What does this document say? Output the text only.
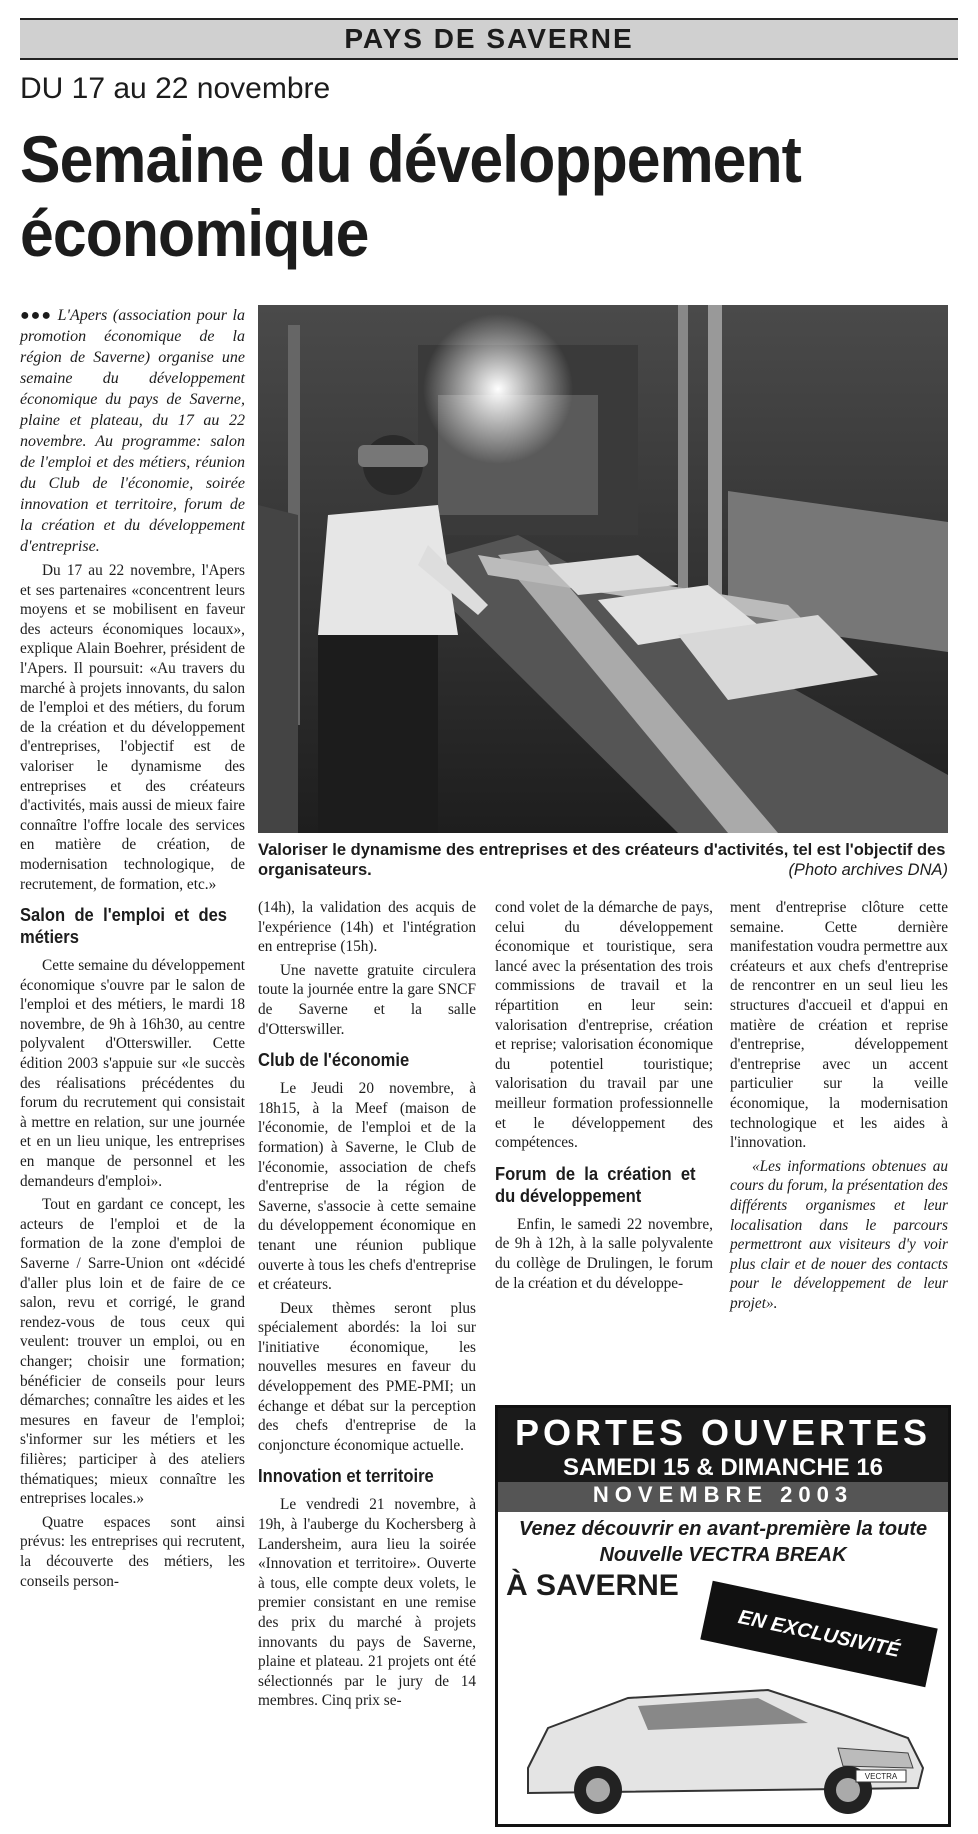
PAYS DE SAVERNE
DU 17 au 22 novembre
Semaine du développement économique

●●● L'Apers (association pour la promotion économique de la région de Saverne) organise une semaine du développement économique du pays de Saverne, plaine et plateau, du 17 au 22 novembre. Au programme: salon de l'emploi et des métiers, réunion du Club de l'économie, soirée innovation et territoire, forum de la création et du développement d'entreprise.

Du 17 au 22 novembre, l'Apers et ses partenaires «concentrent leurs moyens et se mobilisent en faveur des acteurs économiques locaux», explique Alain Boehrer, président de l'Apers. Il poursuit: «Au travers du marché à projets innovants, du salon de l'emploi et des métiers, du forum de la création et du développement d'entreprises, l'objectif est de valoriser le dynamisme des entreprises et des créateurs d'activités, mais aussi de mieux faire connaître l'offre locale des services en matière de création, de modernisation technologique, de recrutement, de formation, etc.»

Salon de l'emploi et des métiers

Cette semaine du développement économique s'ouvre par le salon de l'emploi et des métiers, le mardi 18 novembre, de 9h à 16h30, au centre polyvalent d'Otterswiller. Cette édition 2003 s'appuie sur «le succès des réalisations précédentes du forum du recrutement qui consistait à mettre en relation, sur une journée et en un lieu unique, les entreprises en manque de personnel et les demandeurs d'emploi».

Tout en gardant ce concept, les acteurs de l'emploi et de la formation de la zone d'emploi de Saverne / Sarre-Union ont «décidé d'aller plus loin et de faire de ce salon, revu et corrigé, le grand rendez-vous de tous ceux qui veulent: trouver un emploi, ou en changer; choisir une formation; bénéficier de conseils pour leurs démarches; connaître les aides et les mesures en faveur de l'emploi; s'informer sur les métiers et les filières; participer à des ateliers thématiques; mieux connaître les entreprises locales.»

Quatre espaces sont ainsi prévus: les entreprises qui recrutent, la découverte des métiers, les conseils person-

Valoriser le dynamisme des entreprises et des créateurs d'activités, tel est l'objectif des organisateurs.	(Photo archives DNA)

(14h), la validation des acquis de l'expérience (14h) et l'intégration en entreprise (15h).

Une navette gratuite circulera toute la journée entre la gare SNCF de Saverne et la salle d'Otterswiller.

Club de l'économie

Le Jeudi 20 novembre, à 18h15, à la Meef (maison de l'économie, de l'emploi et de la formation) à Saverne, le Club de l'économie, association de chefs d'entreprise de la région de Saverne, s'associe à cette semaine du développement économique en tenant une réunion publique ouverte à tous les chefs d'entreprise et créateurs.

Deux thèmes seront plus spécialement abordés: la loi sur l'initiative économique, les nouvelles mesures en faveur du développement des PME-PMI; un échange et débat sur la perception des chefs d'entreprise de la conjoncture économique actuelle.

Innovation et territoire

Le vendredi 21 novembre, à 19h, à l'auberge du Kochersberg à Landersheim, aura lieu la soirée «Innovation et territoire». Ouverte à tous, elle compte deux volets, le premier consistant en une remise des prix du marché à projets innovants du pays de Saverne, plaine et plateau. 21 projets ont été sélectionnés par le jury de 14 membres. Cinq prix se-

cond volet de la démarche de pays, celui du développement économique et touristique, sera lancé avec la présentation des trois commissions de travail et la répartition en leur sein: valorisation d'entreprise, création et reprise; valorisation économique du potentiel touristique; valorisation du travail par une meilleur formation professionnelle et le développement des compétences.

Forum de la création et du développement

Enfin, le samedi 22 novembre, de 9h à 12h, à la salle polyvalente du collège de Drulingen, le forum de la création et du développe-

ment d'entreprise clôture cette semaine. Cette dernière manifestation voudra permettre aux créateurs et aux chefs d'entreprise de rencontrer en un seul lieu les structures d'accueil et d'appui en matière de création et reprise d'entreprise, développement d'entreprise avec un accent particulier sur la veille économique, la modernisation technologique et les aides à l'innovation.

«Les informations obtenues au cours du forum, la présentation des différents organismes et leur localisation dans le parcours permettront aux visiteurs d'y voir plus clair et de nouer des contacts pour le développement de leur projet».

PORTES OUVERTES
SAMEDI 15 & DIMANCHE 16
NOVEMBRE 2003
Venez découvrir en avant-première la toute Nouvelle VECTRA BREAK
À SAVERNE
EN EXCLUSIVITÉ
VECTRA
